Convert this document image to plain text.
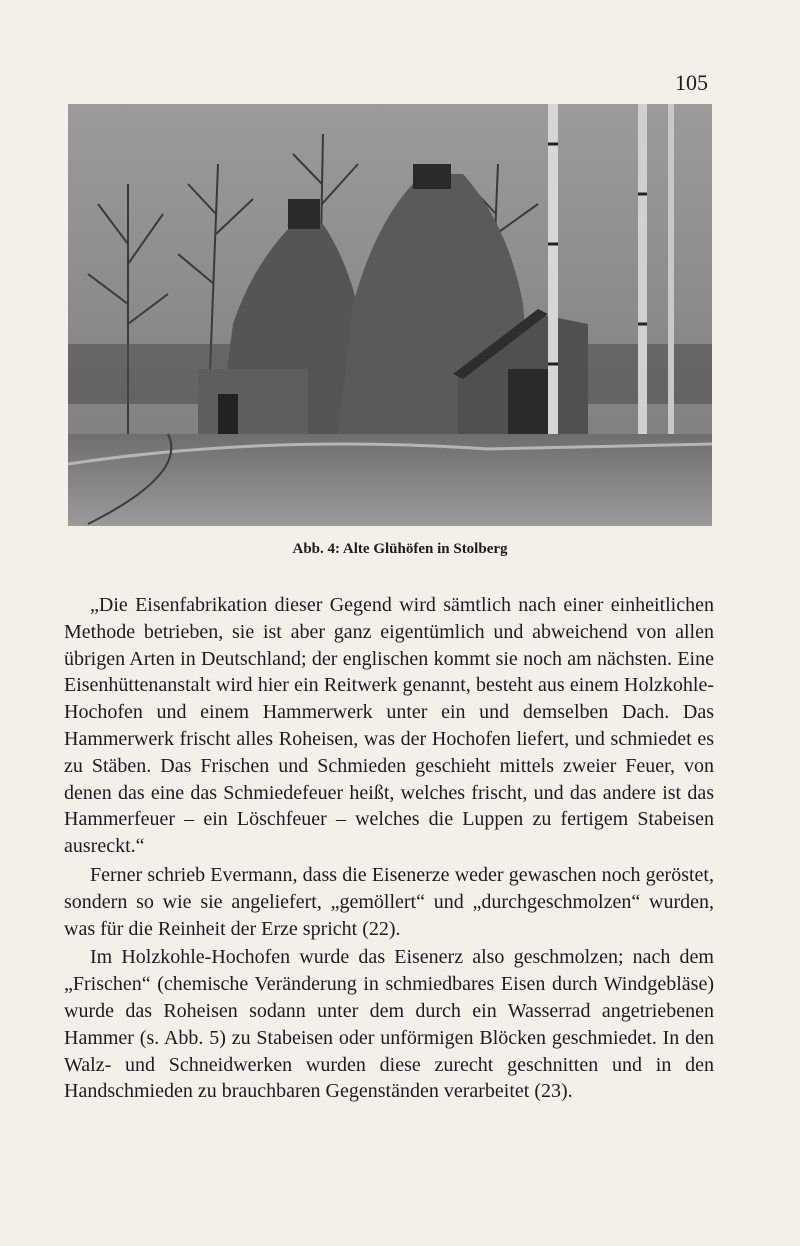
105
Abb. 4: Alte Glühöfen in Stolberg

„Die Eisenfabrikation dieser Gegend wird sämtlich nach einer einheitlichen Methode betrieben, sie ist aber ganz eigentümlich und abweichend von allen übrigen Arten in Deutschland; der englischen kommt sie noch am nächsten. Eine Eisenhüttenanstalt wird hier ein Reitwerk genannt, besteht aus einem Holzkohle-Hochofen und einem Hammerwerk unter ein und demselben Dach. Das Hammerwerk frischt alles Roheisen, was der Hochofen liefert, und schmiedet es zu Stäben. Das Frischen und Schmieden geschieht mittels zweier Feuer, von denen das eine das Schmiedefeuer heißt, welches frischt, und das andere ist das Hammerfeuer – ein Löschfeuer – welches die Luppen zu fertigem Stabeisen ausreckt.“

Ferner schrieb Evermann, dass die Eisenerze weder gewaschen noch geröstet, sondern so wie sie angeliefert, „gemöllert“ und „durchgeschmolzen“ wurden, was für die Reinheit der Erze spricht (22).

Im Holzkohle-Hochofen wurde das Eisenerz also geschmolzen; nach dem „Frischen“ (chemische Veränderung in schmiedbares Eisen durch Windgebläse) wurde das Roheisen sodann unter dem durch ein Wasserrad angetriebenen Hammer (s. Abb. 5) zu Stabeisen oder unförmigen Blöcken geschmiedet. In den Walz- und Schneidwerken wurden diese zurecht geschnitten und in den Handschmieden zu brauchbaren Gegenständen verarbeitet (23).
